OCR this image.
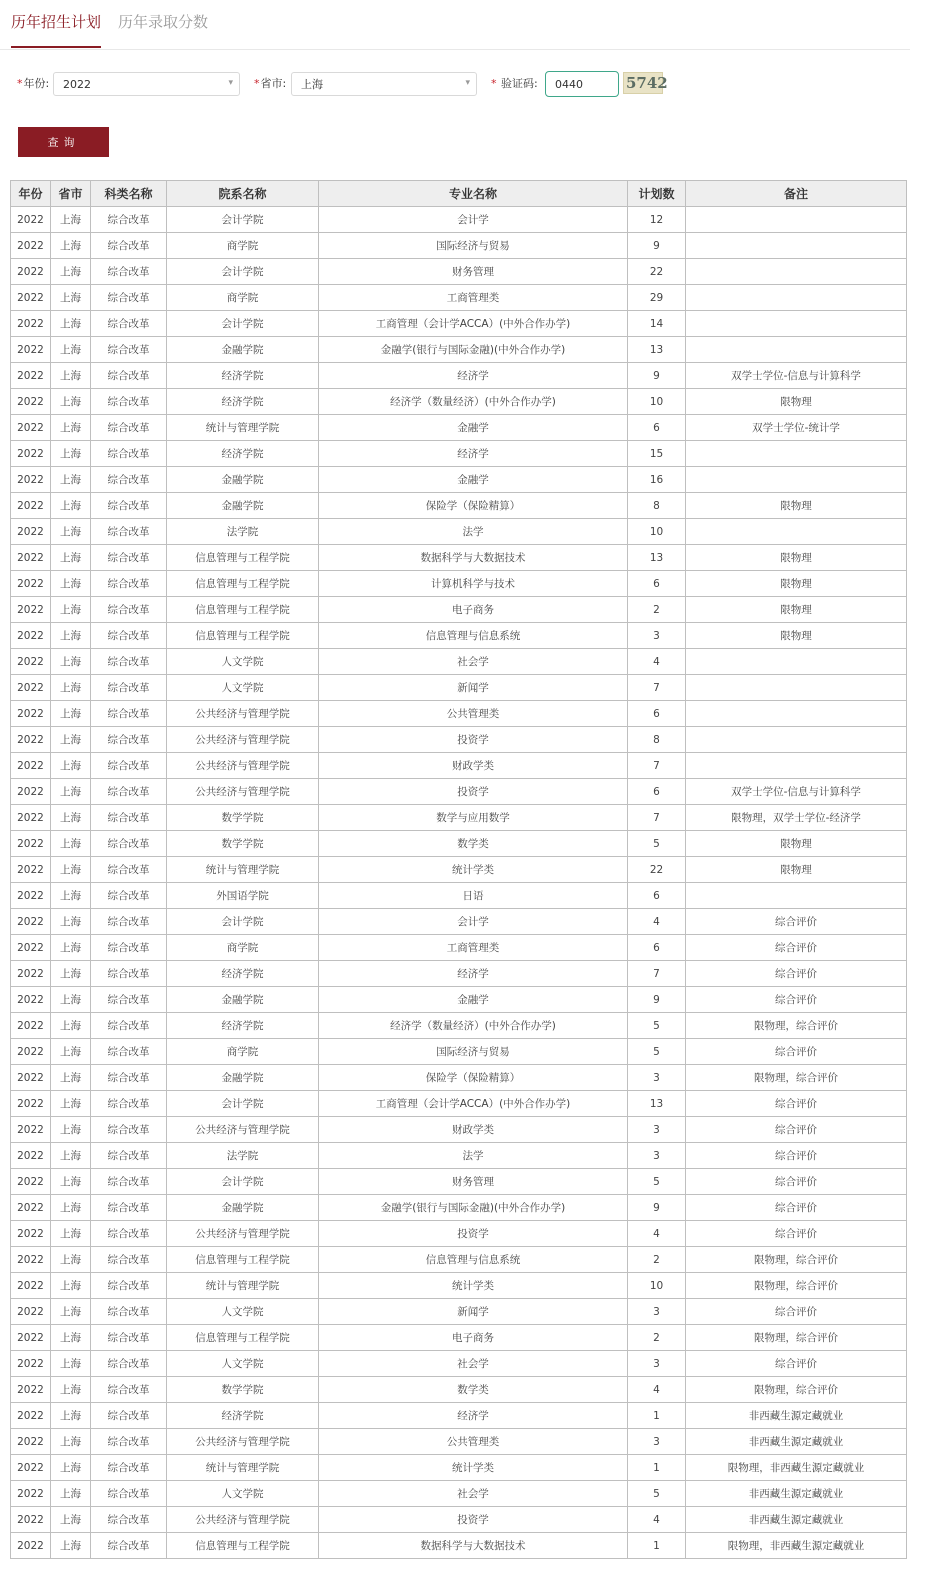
历年招生计划 历年录取分数
*年份: 2022	▾ *省市: 上海	▾ * 验证码: 0440	5742
查询
年份	省市	科类名称	院系名称	专业名称	计划数	备注
2022	上海	综合改革	会计学院	会计学	12	
2022	上海	综合改革	商学院	国际经济与贸易	9	
2022	上海	综合改革	会计学院	财务管理	22	
2022	上海	综合改革	商学院	工商管理类	29	
2022	上海	综合改革	会计学院	工商管理（会计学ACCA）(中外合作办学)	14	
2022	上海	综合改革	金融学院	金融学(银行与国际金融)(中外合作办学)	13	
2022	上海	综合改革	经济学院	经济学	9	双学士学位-信息与计算科学
2022	上海	综合改革	经济学院	经济学（数量经济）(中外合作办学)	10	限物理
2022	上海	综合改革	统计与管理学院	金融学	6	双学士学位-统计学
2022	上海	综合改革	经济学院	经济学	15	
2022	上海	综合改革	金融学院	金融学	16	
2022	上海	综合改革	金融学院	保险学（保险精算）	8	限物理
2022	上海	综合改革	法学院	法学	10	
2022	上海	综合改革	信息管理与工程学院	数据科学与大数据技术	13	限物理
2022	上海	综合改革	信息管理与工程学院	计算机科学与技术	6	限物理
2022	上海	综合改革	信息管理与工程学院	电子商务	2	限物理
2022	上海	综合改革	信息管理与工程学院	信息管理与信息系统	3	限物理
2022	上海	综合改革	人文学院	社会学	4	
2022	上海	综合改革	人文学院	新闻学	7	
2022	上海	综合改革	公共经济与管理学院	公共管理类	6	
2022	上海	综合改革	公共经济与管理学院	投资学	8	
2022	上海	综合改革	公共经济与管理学院	财政学类	7	
2022	上海	综合改革	公共经济与管理学院	投资学	6	双学士学位-信息与计算科学
2022	上海	综合改革	数学学院	数学与应用数学	7	限物理，双学士学位-经济学
2022	上海	综合改革	数学学院	数学类	5	限物理
2022	上海	综合改革	统计与管理学院	统计学类	22	限物理
2022	上海	综合改革	外国语学院	日语	6	
2022	上海	综合改革	会计学院	会计学	4	综合评价
2022	上海	综合改革	商学院	工商管理类	6	综合评价
2022	上海	综合改革	经济学院	经济学	7	综合评价
2022	上海	综合改革	金融学院	金融学	9	综合评价
2022	上海	综合改革	经济学院	经济学（数量经济）(中外合作办学)	5	限物理，综合评价
2022	上海	综合改革	商学院	国际经济与贸易	5	综合评价
2022	上海	综合改革	金融学院	保险学（保险精算）	3	限物理，综合评价
2022	上海	综合改革	会计学院	工商管理（会计学ACCA）(中外合作办学)	13	综合评价
2022	上海	综合改革	公共经济与管理学院	财政学类	3	综合评价
2022	上海	综合改革	法学院	法学	3	综合评价
2022	上海	综合改革	会计学院	财务管理	5	综合评价
2022	上海	综合改革	金融学院	金融学(银行与国际金融)(中外合作办学)	9	综合评价
2022	上海	综合改革	公共经济与管理学院	投资学	4	综合评价
2022	上海	综合改革	信息管理与工程学院	信息管理与信息系统	2	限物理，综合评价
2022	上海	综合改革	统计与管理学院	统计学类	10	限物理，综合评价
2022	上海	综合改革	人文学院	新闻学	3	综合评价
2022	上海	综合改革	信息管理与工程学院	电子商务	2	限物理，综合评价
2022	上海	综合改革	人文学院	社会学	3	综合评价
2022	上海	综合改革	数学学院	数学类	4	限物理，综合评价
2022	上海	综合改革	经济学院	经济学	1	非西藏生源定藏就业
2022	上海	综合改革	公共经济与管理学院	公共管理类	3	非西藏生源定藏就业
2022	上海	综合改革	统计与管理学院	统计学类	1	限物理，非西藏生源定藏就业
2022	上海	综合改革	人文学院	社会学	5	非西藏生源定藏就业
2022	上海	综合改革	公共经济与管理学院	投资学	4	非西藏生源定藏就业
2022	上海	综合改革	信息管理与工程学院	数据科学与大数据技术	1	限物理，非西藏生源定藏就业
